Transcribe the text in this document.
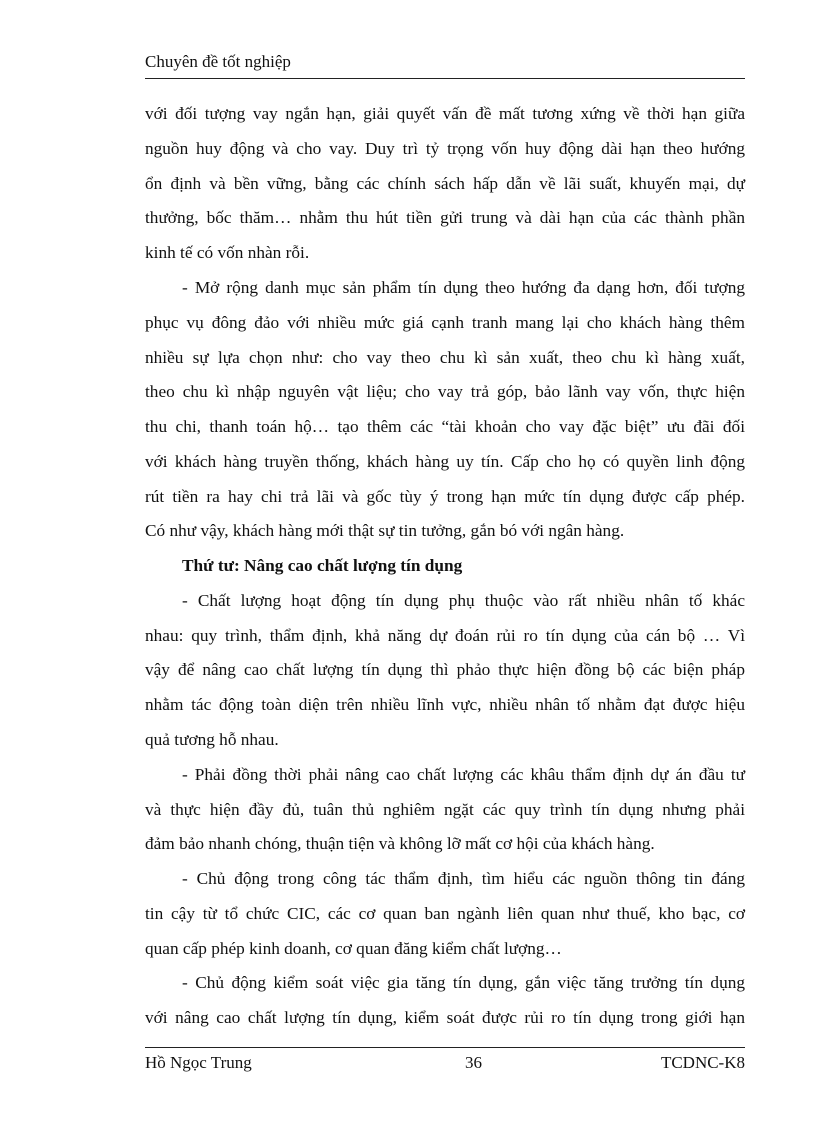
Chuyên đề tốt nghiệp
với đối tượng vay ngắn hạn, giải quyết vấn đề mất tương xứng về thời hạn giữa
nguồn huy động và cho vay. Duy trì tỷ trọng vốn huy động dài hạn theo hướng
ổn định và bền vững, bằng các chính sách hấp dẫn về lãi suất, khuyến mại, dự
thưởng, bốc thăm… nhằm thu hút tiền gửi trung và dài hạn của các thành phần
kinh tế có vốn nhàn rỗi.
- Mở rộng danh mục sản phẩm tín dụng theo hướng đa dạng hơn, đối tượng
phục vụ đông đảo với nhiều mức giá cạnh tranh mang lại cho khách hàng thêm
nhiều sự lựa chọn như: cho vay theo chu kì sản xuất, theo chu kì hàng xuất,
theo chu kì nhập nguyên vật liệu; cho vay trả góp, bảo lãnh vay vốn, thực hiện
thu chi, thanh toán hộ… tạo thêm các “tài khoản cho vay đặc biệt” ưu đãi đối
với khách hàng truyền thống, khách hàng uy tín. Cấp cho họ có quyền linh động
rút tiền ra hay chi trả lãi và gốc tùy ý trong hạn mức tín dụng được cấp phép.
Có như vậy, khách hàng mới thật sự tin tưởng, gắn bó với ngân hàng.
Thứ tư: Nâng cao chất lượng tín dụng
- Chất lượng hoạt động tín dụng phụ thuộc vào rất nhiều nhân tố khác
nhau: quy trình, thẩm định, khả năng dự đoán rủi ro tín dụng của cán bộ … Vì
vậy để nâng cao chất lượng tín dụng thì phảo thực hiện đồng bộ các biện pháp
nhằm tác động toàn diện trên nhiều lĩnh vực, nhiều nhân tố nhằm đạt được hiệu
quả tương hỗ nhau.
- Phải đồng thời phải nâng cao chất lượng các khâu thẩm định dự án đầu tư
và thực hiện đầy đủ, tuân thủ nghiêm ngặt các quy trình tín dụng nhưng phải
đảm bảo nhanh chóng, thuận tiện và không lỡ mất cơ hội của khách hàng.
- Chủ động trong công tác thẩm định, tìm hiểu các nguồn thông tin đáng
tin cậy từ tổ chức CIC, các cơ quan ban ngành liên quan như thuế, kho bạc, cơ
quan cấp phép kinh doanh, cơ quan đăng kiểm chất lượng…
- Chủ động kiểm soát việc gia tăng tín dụng, gắn việc tăng trưởng tín dụng
với nâng cao chất lượng tín dụng, kiểm soát được rủi ro tín dụng trong giới hạn
Hồ Ngọc Trung	36	TCDNC-K8
